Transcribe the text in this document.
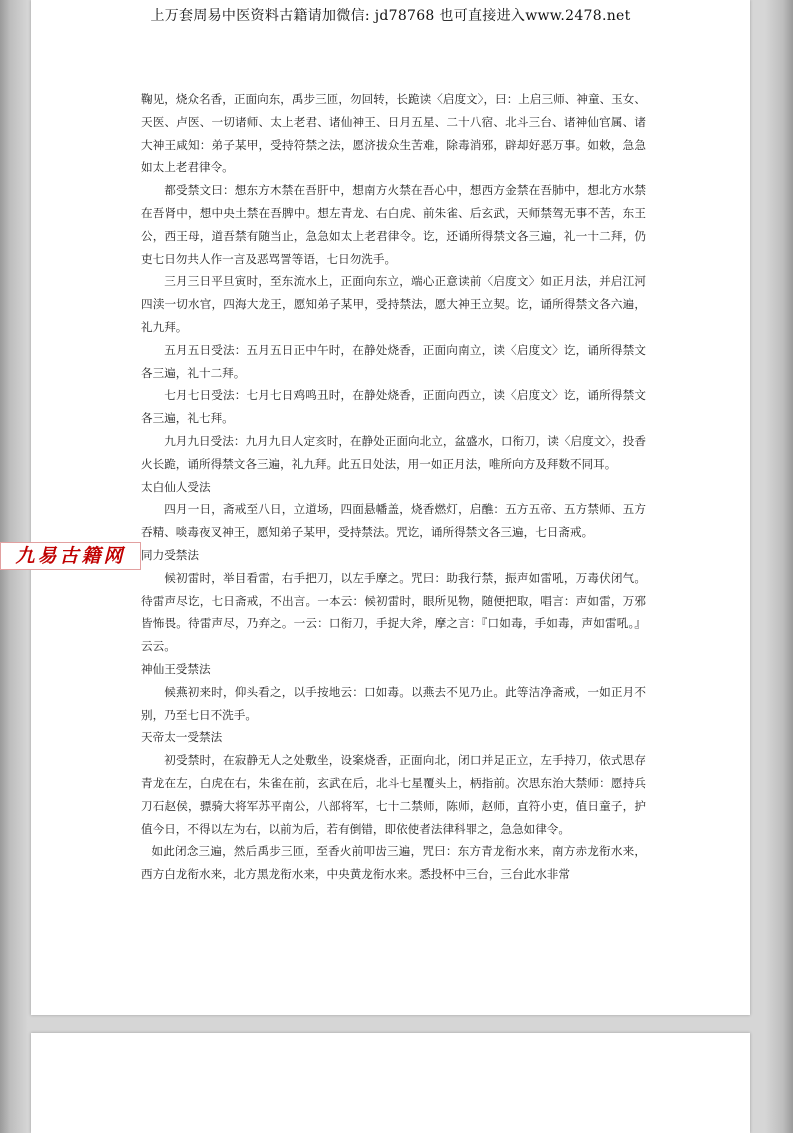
上万套周易中医资料古籍请加微信: jd78768 也可直接进入www.2478.net

鞠见，烧众名香，正面向东，禹步三匝，勿回转，长跪读〈启度文〉，曰：上启三师、神童、玉女、天医、卢医、一切诸师、太上老君、诸仙神王、日月五星、二十八宿、北斗三台、诸神仙官属、诸大神王咸知：弟子某甲，受持符禁之法，愿济拔众生苦难，除毒消邪，辟却好恶万事。如敕，急急如太上老君律令。

都受禁文曰：想东方木禁在吾肝中，想南方火禁在吾心中，想西方金禁在吾肺中，想北方水禁在吾肾中，想中央土禁在吾脾中。想左青龙、右白虎、前朱雀、后玄武，天师禁驾无事不苦，东王公，西王母，道吾禁有随当止，急急如太上老君律令。讫，还诵所得禁文各三遍，礼一十二拜，仍吏七日勿共人作一言及恶骂詈等语，七日勿洗手。

三月三日平旦寅时，至东流水上，正面向东立，端心正意读前〈启度文〉如正月法，并启江河四渎一切水官，四海大龙王，愿知弟子某甲，受持禁法，愿大神王立契。讫，诵所得禁文各六遍，礼九拜。

五月五日受法：五月五日正中午时，在静处烧香，正面向南立，读〈启度文〉讫，诵所得禁文各三遍，礼十二拜。

七月七日受法：七月七日鸡鸣丑时，在静处烧香，正面向西立，读〈启度文〉讫，诵所得禁文各三遍，礼七拜。

九月九日受法：九月九日人定亥时，在静处正面向北立，盆盛水，口衔刀，读〈启度文〉，投香火长跪，诵所得禁文各三遍，礼九拜。此五日处法，用一如正月法，唯所向方及拜数不同耳。

太白仙人受法

四月一日，斋戒至八日，立道场，四面悬幡盖，烧香燃灯，启醮：五方五帝、五方禁师、五方吞精、啖毒夜叉神王，愿知弟子某甲，受持禁法。咒讫，诵所得禁文各三遍，七日斋戒。

同力受禁法

候初雷时，举目看雷，右手把刀，以左手摩之。咒曰：助我行禁，振声如雷吼，万毒伏闭气。待雷声尽讫，七日斋戒，不出言。一本云：候初雷时，眼所见物，随便把取，唱言：声如雷，万邪皆怖畏。待雷声尽，乃弃之。一云：口衔刀，手捉大斧，摩之言：『口如毒，手如毒，声如雷吼。』云云。

神仙王受禁法

候燕初来时，仰头看之，以手按地云：口如毒。以燕去不见乃止。此等洁净斋戒，一如正月不别，乃至七日不洗手。

天帝太一受禁法

初受禁时，在寂静无人之处敷坐，设案烧香，正面向北，闭口并足正立，左手持刀，依式思存青龙在左，白虎在右，朱雀在前，玄武在后，北斗七星覆头上，柄指前。次思东治大禁师：愿持兵刀石赵侯，骠骑大将军苏平南公，八部将军，七十二禁师，陈师，赵师，直符小吏，值日童子，护值今日，不得以左为右，以前为后，若有倒错，即依使者法律科罪之，急急如律令。

如此闭念三遍，然后禹步三匝，至香火前叩齿三遍，咒曰：东方青龙衔水来，南方赤龙衔水来，西方白龙衔水来，北方黑龙衔水来，中央黄龙衔水来。悉投杯中三台，三台此水非常

九易古籍网
